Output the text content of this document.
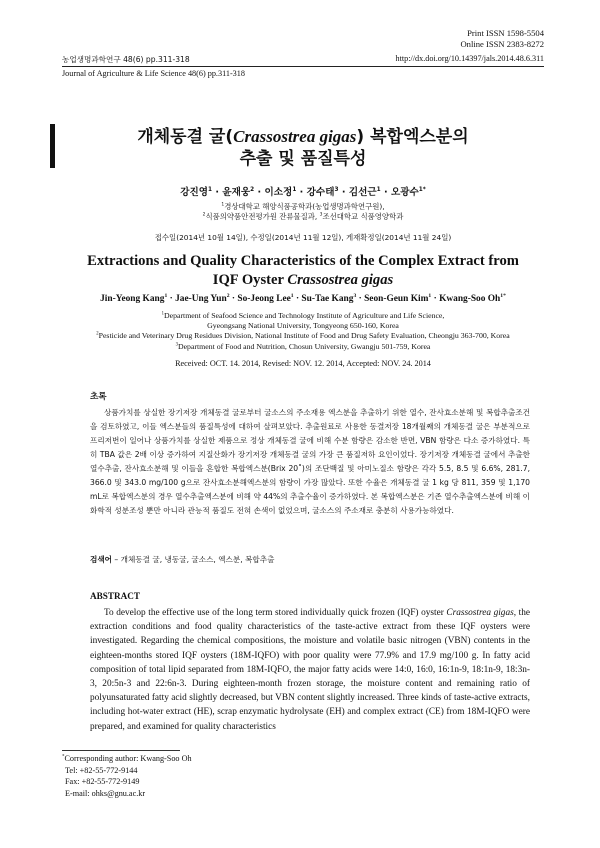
Print ISSN 1598-5504
Online ISSN 2383-8272
농업생명과학연구 48(6) pp.311-318	http://dx.doi.org/10.14397/jals.2014.48.6.311
Journal of Agriculture & Life Science 48(6) pp.311-318
개체동결 굴(Crassostrea gigas) 복합엑스분의
추출 및 품질특성
강진영$^1$ · 윤재웅$^2$ · 이소정$^1$ · 강수태$^3$ · 김선근$^1$ · 오광수$^{1*}$
$^1$경상대학교 해양식품공학과(농업생명과학연구원),
$^2$식품의약품안전평가원 잔류물질과, $^3$조선대학교 식품영양학과
접수일(2014년 10월 14일), 수정일(2014년 11월 12일), 게재확정일(2014년 11월 24일)
Extractions and Quality Characteristics of the Complex Extract from
IQF Oyster Crassostrea gigas
Jin-Yeong Kang$^1$ · Jae-Ung Yun$^2$ · So-Jeong Lee$^1$ · Su-Tae Kang$^3$ · Seon-Geun Kim$^1$ · Kwang-Soo $Oh^{1*}$
$^1$Department of Seafood Science and Technology Institute of Agriculture and Life Science,
Gyeongsang National University, Tongyeong 650-160, Korea
$^2$Pesticide and Veterinary Drug Residues Division, National Institute of Food and Drug Safety Evaluation, Cheongju 363-700, Korea
$^3$Department of Food and Nutrition, Chosun University, Gwangju 501-759, Korea
Received: OCT. 14. 2014, Revised: NOV. 12. 2014, Accepted: NOV. 24. 2014
초록

상품가치를 상실한 장기저장 개체동결 굴로부터 굴소스의 주소재용 엑스분을 추출하기 위한 열수, 잔사효소분해 및 복합추출조건을 검토하였고, 이들 엑스분들의 품질특성에 대하여 살펴보았다. 추출원료로 사용한 동결저장 18개월째의 개체동결 굴은 부분적으로 프리저번이 일어나 상품가치를 상실한 제품으로 정상 개체동결 굴에 비해 수분 함량은 감소한 반면, VBN 함량은 다소 증가하였다. 특히 TBA 값은 2배 이상 증가하여 지질산화가 장기저장 개체동결 굴의 가장 큰 품질저하 요인이었다. 장기저장 개체동결 굴에서 추출한 열수추출, 잔사효소분해 및 이들을 혼합한 복합엑스분(Brix 20˚)의 조단백질 및 아미노질소 함량은 각각 5.5, 8.5 및 6.6%, 281.7, 366.0 및 343.0 mg/100 g으로 잔사효소분해엑스분의 함량이 가장 많았다. 또한 수율은 개체동결 굴 1 kg 당 811, 359 및 1,170 mL로 복합엑스분의 경우 열수추출엑스분에 비해 약 44%의 추출수율이 증가하였다. 본 복합엑스분은 기존 열수추출엑스분에 비해 이화학적 성분조성 뿐만 아니라 관능적 품질도 전혀 손색이 없었으며, 굴소스의 주소재로 충분히 사용가능하였다.

검색어 – 개체동결 굴, 냉동굴, 굴소스, 엑스분, 복합추출
ABSTRACT

To develop the effective use of the long term stored individually quick frozen (IQF) oyster Crassostrea gigas, the extraction conditions and food quality characteristics of the taste-active extract from these IQF oysters were investigated. Regarding the chemical compositions, the moisture and volatile basic nitrogen (VBN) contents in the eighteen-months stored IQF oysters (18M-IQFO) with poor quality were 77.9% and 17.9 mg/100 g. In fatty acid composition of total lipid separated from 18M-IQFO, the major fatty acids were 14:0, 16:0, 16:1n-9, 18:1n-9, 18:3n-3, 20:5n-3 and 22:6n-3. During eighteen-month frozen storage, the moisture content and remaining ratio of polyunsaturated fatty acid slightly decreased, but VBN content slightly increased. Three kinds of taste-active extracts, including hot-water extract (HE), scrap enzymatic hydrolysate (EH) and complex extract (CE) from 18M-IQFO were prepared, and examined for quality characteristics

*Corresponding author: Kwang-Soo Oh
Tel: +82-55-772-9144
Fax: +82-55-772-9149
E-mail: ohks@gnu.ac.kr
